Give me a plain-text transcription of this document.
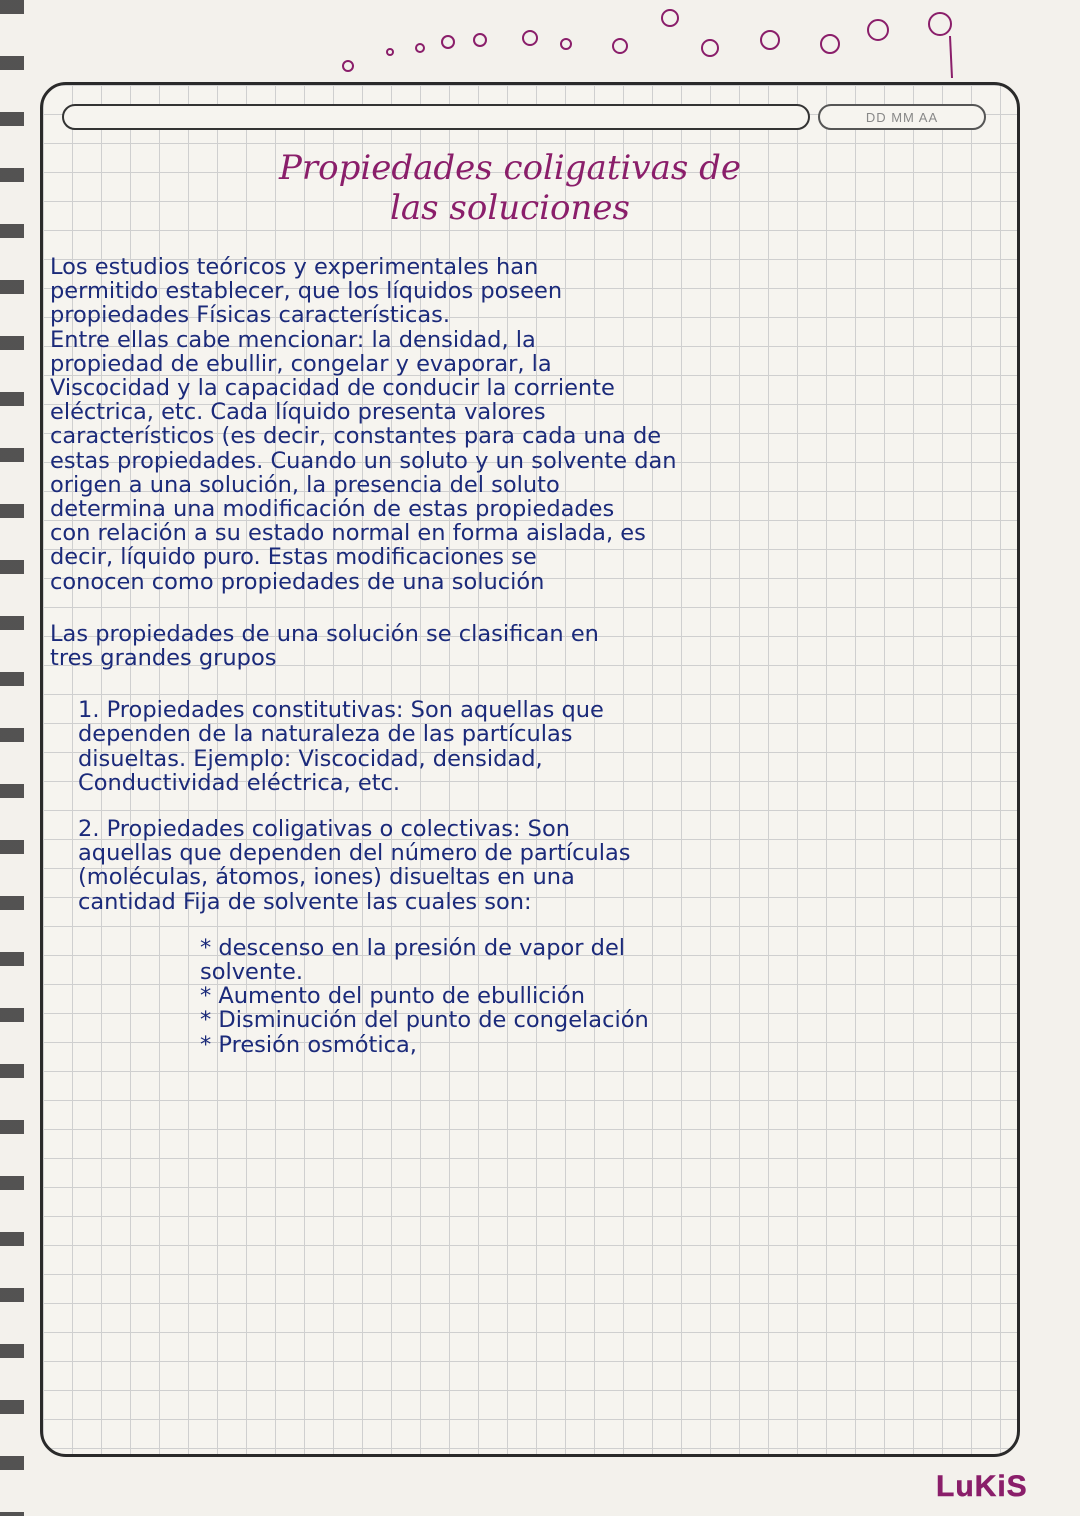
DD MM AA
Propiedades coligativas de
las soluciones
Los estudios teóricos y experimentales han
permitido establecer, que los líquidos poseen
propiedades Físicas características.
Entre ellas cabe mencionar: la densidad, la
propiedad de ebullir, congelar y evaporar, la
Viscocidad y la capacidad de conducir la corriente
eléctrica, etc. Cada líquido presenta valores
característicos (es decir, constantes para cada una de
estas propiedades. Cuando un soluto y un solvente dan
origen a una solución, la presencia del soluto
determina una modificación de estas propiedades
con relación a su estado normal en forma aislada, es
decir, líquido puro. Estas modificaciones se
conocen como propiedades de una solución
Las propiedades de una solución se clasifican en
tres grandes grupos
1. Propiedades constitutivas: Son aquellas que
dependen de la naturaleza de las partículas
disueltas. Ejemplo: Viscocidad, densidad,
Conductividad eléctrica, etc.
2. Propiedades coligativas o colectivas: Son
aquellas que dependen del número de partículas
(moléculas, átomos, iones) disueltas en una
cantidad Fija de solvente las cuales son:
* descenso en la presión de vapor del
solvente.
* Aumento del punto de ebullición
* Disminución del punto de congelación
* Presión osmótica,
LuKiS
